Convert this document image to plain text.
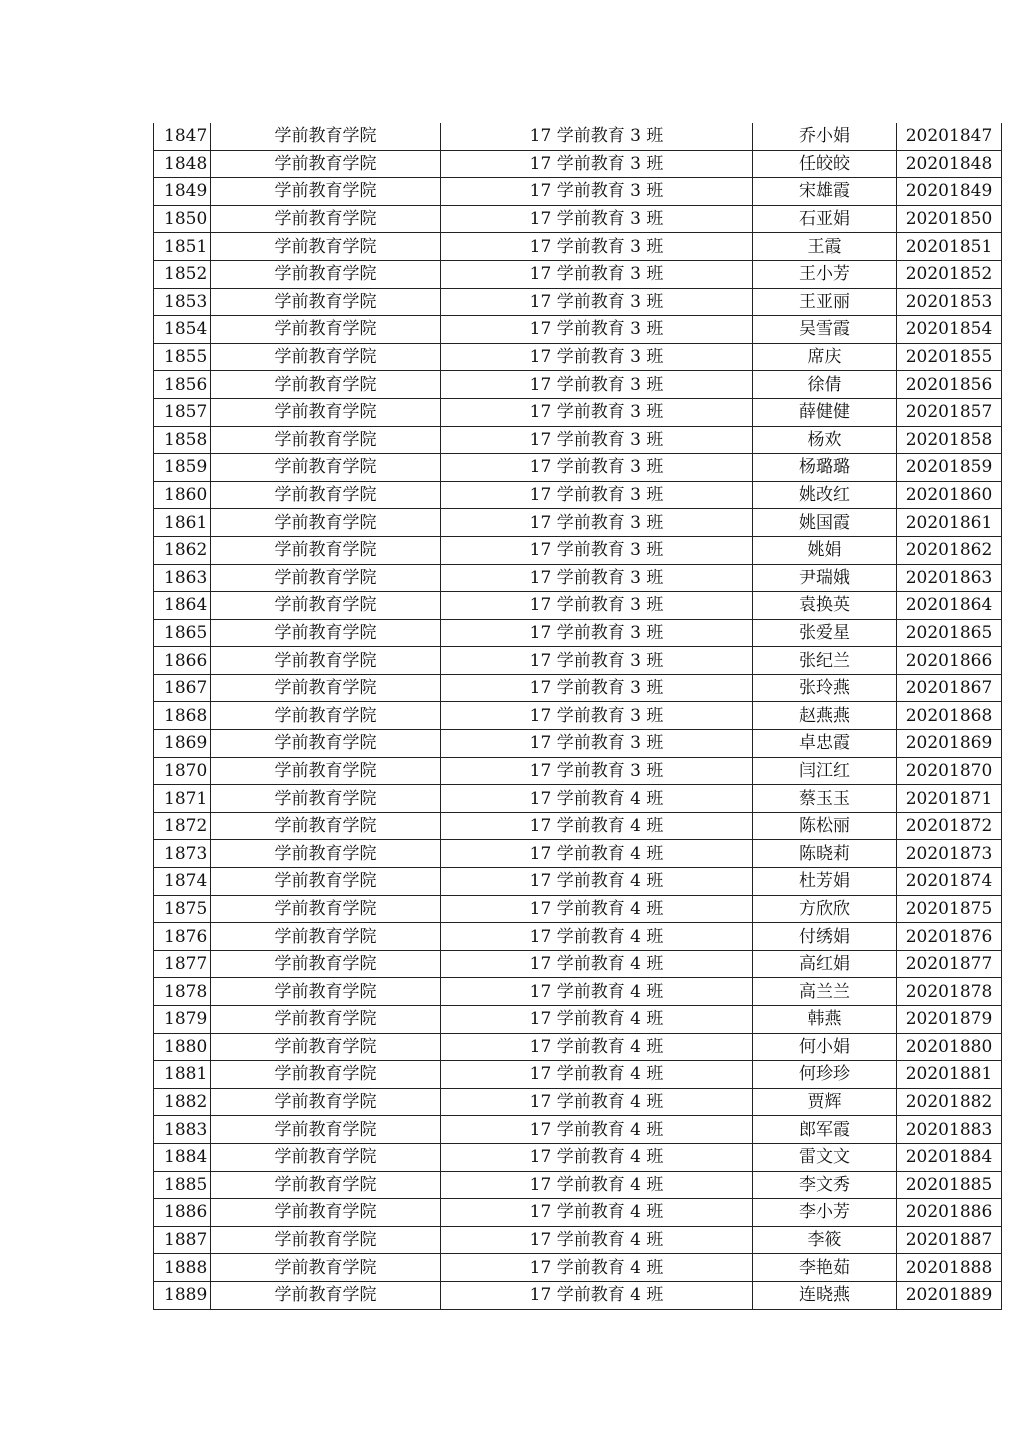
1847	学前教育学院	17 学前教育 3 班	乔小娟	20201847
1848	学前教育学院	17 学前教育 3 班	任皎皎	20201848
1849	学前教育学院	17 学前教育 3 班	宋雄霞	20201849
1850	学前教育学院	17 学前教育 3 班	石亚娟	20201850
1851	学前教育学院	17 学前教育 3 班	王霞	20201851
1852	学前教育学院	17 学前教育 3 班	王小芳	20201852
1853	学前教育学院	17 学前教育 3 班	王亚丽	20201853
1854	学前教育学院	17 学前教育 3 班	吴雪霞	20201854
1855	学前教育学院	17 学前教育 3 班	席庆	20201855
1856	学前教育学院	17 学前教育 3 班	徐倩	20201856
1857	学前教育学院	17 学前教育 3 班	薛健健	20201857
1858	学前教育学院	17 学前教育 3 班	杨欢	20201858
1859	学前教育学院	17 学前教育 3 班	杨璐璐	20201859
1860	学前教育学院	17 学前教育 3 班	姚改红	20201860
1861	学前教育学院	17 学前教育 3 班	姚国霞	20201861
1862	学前教育学院	17 学前教育 3 班	姚娟	20201862
1863	学前教育学院	17 学前教育 3 班	尹瑞娥	20201863
1864	学前教育学院	17 学前教育 3 班	袁换英	20201864
1865	学前教育学院	17 学前教育 3 班	张爱星	20201865
1866	学前教育学院	17 学前教育 3 班	张纪兰	20201866
1867	学前教育学院	17 学前教育 3 班	张玲燕	20201867
1868	学前教育学院	17 学前教育 3 班	赵燕燕	20201868
1869	学前教育学院	17 学前教育 3 班	卓忠霞	20201869
1870	学前教育学院	17 学前教育 3 班	闫江红	20201870
1871	学前教育学院	17 学前教育 4 班	蔡玉玉	20201871
1872	学前教育学院	17 学前教育 4 班	陈松丽	20201872
1873	学前教育学院	17 学前教育 4 班	陈晓莉	20201873
1874	学前教育学院	17 学前教育 4 班	杜芳娟	20201874
1875	学前教育学院	17 学前教育 4 班	方欣欣	20201875
1876	学前教育学院	17 学前教育 4 班	付绣娟	20201876
1877	学前教育学院	17 学前教育 4 班	高红娟	20201877
1878	学前教育学院	17 学前教育 4 班	高兰兰	20201878
1879	学前教育学院	17 学前教育 4 班	韩燕	20201879
1880	学前教育学院	17 学前教育 4 班	何小娟	20201880
1881	学前教育学院	17 学前教育 4 班	何珍珍	20201881
1882	学前教育学院	17 学前教育 4 班	贾辉	20201882
1883	学前教育学院	17 学前教育 4 班	郎军霞	20201883
1884	学前教育学院	17 学前教育 4 班	雷文文	20201884
1885	学前教育学院	17 学前教育 4 班	李文秀	20201885
1886	学前教育学院	17 学前教育 4 班	李小芳	20201886
1887	学前教育学院	17 学前教育 4 班	李筱	20201887
1888	学前教育学院	17 学前教育 4 班	李艳茹	20201888
1889	学前教育学院	17 学前教育 4 班	连晓燕	20201889
